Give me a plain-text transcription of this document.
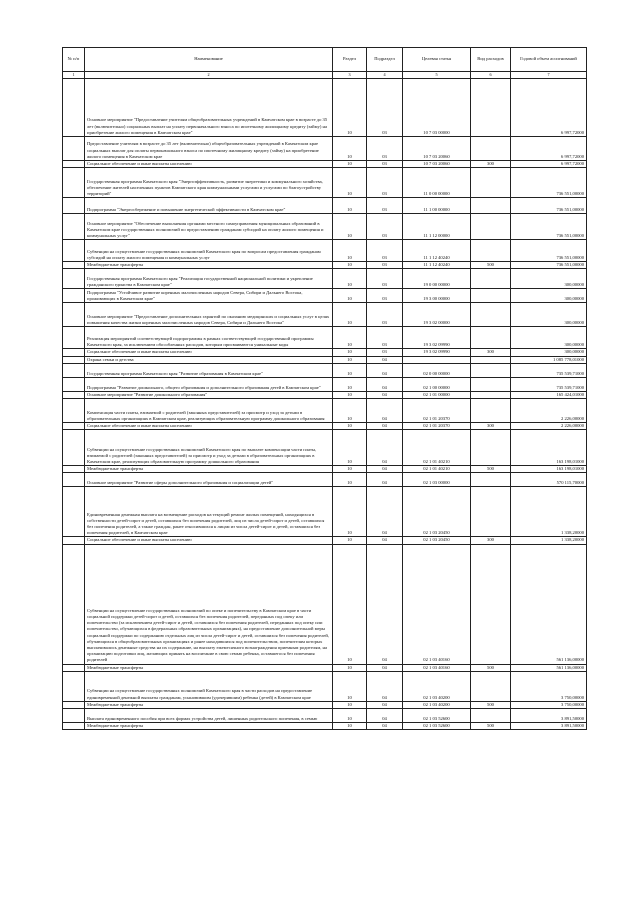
№ п/п	Наименование	Раздел	Подраздел	Целевая статья	Вид расходов	Годовой объем ассигнований
1	2	3	4	5	6	7
	Основное мероприятие "Предоставление учителям общеобразовательных учреждений в Камчатском крае в возрасте до 35 лет (включительно) социальных выплат на уплату первоначального взноса по ипотечному жилищному кредиту (займу) на приобретение жилого помещения в Камчатском крае"	10	03	10 7 03 00000		6 997,72000
	Предоставление учителям в возрасте до 35 лет (включительно) общеобразовательных учреждений в Камчатском крае социальных выплат для оплаты первоначального взноса по ипотечному жилищному кредиту (займу) на приобретение жилого помещения в Камчатском крае	10	03	10 7 03 20060		6 997,72000
	Социальное обеспечение и иные выплаты населению	10	03	10 7 03 20060	300	6 997,72000
	Государственная программа Камчатского края "Энергоэффективность, развитие энергетики и коммунального хозяйства, обеспечение жителей населенных пунктов Камчатского края коммунальными услугами и услугами по благоустройству территорий"	10	03	11 0 00 00000		736 551,00000
	Подпрограмма "Энергосбережение и повышение энергетической эффективности в Камчатском крае"	10	03	11 1 00 00000		736 551,00000
	Основное мероприятие "Обеспечение выполнения органами местного самоуправления муниципальных образований в Камчатском крае государственных полномочий по предоставлению гражданам субсидий на оплату жилого помещения и коммунальных услуг"	10	03	11 1 12 00000		736 551,00000
	Субвенции на осуществление государственных полномочий Камчатского края по вопросам предоставления гражданам субсидий на оплату жилого помещения и коммунальных услуг	10	03	11 1 12 40240		736 551,00000
	Межбюджетные трансферты	10	03	11 1 12 40240	500	736 551,00000
	Государственная программа Камчатского края "Реализация государственной национальной политики и укрепление гражданского единства в Камчатском крае"	10	03	19 0 00 00000		300,00000
	Подпрограмма "Устойчивое развитие коренных малочисленных народов Севера, Сибири и Дальнего Востока, проживающих в Камчатском крае"	10	03	19 3 00 00000		300,00000
	Основное мероприятие "Предоставление дополнительных гарантий по оказанию медицинских и социальных услуг в целях повышения качества жизни коренных малочисленных народов Севера, Сибири и Дальнего Востока"	10	03	19 3 02 00000		300,00000
	Реализация мероприятий соответствующей подпрограммы в рамках соответствующей государственной программы Камчатского края, за исключением обособленных расходов, которым присваиваются уникальные коды	10	03	19 3 02 09990		300,00000
	Социальное обеспечение и иные выплаты населению	10	03	19 3 02 09990	300	300,00000
	Охрана семьи и детства	10	04			1 085 778,01000
	Государственная программа Камчатского края "Развитие образования в Камчатском крае"	10	04	02 0 00 00000		735 539,71000
	Подпрограмма "Развитие дошкольного, общего образования и дополнительного образования детей в Камчатском крае"	10	04	02 1 00 00000		735 539,71000
	Основное мероприятие "Развитие дошкольного образования"	10	04	02 1 01 00000		165 424,01000
	Компенсация части платы, взимаемой с родителей (законных представителей) за присмотр и уход за детьми в образовательных организациях в Камчатском крае, реализующих образовательную программу дошкольного образования	10	04	02 1 01 20370		2 226,00000
	Социальное обеспечение и иные выплаты населению	10	04	02 1 01 20370	300	2 226,00000
	Субвенции на осуществление государственных полномочий Камчатского края по выплате компенсации части платы, взимаемой с родителей (законных представителей) за присмотр и уход за детьми в образовательных организациях в Камчатском крае, реализующих образовательную программу дошкольного образования	10	04	02 1 01 40210		163 198,01000
	Межбюджетные трансферты	10	04	02 1 01 40210	500	163 198,01000
	Основное мероприятие "Развитие сферы дополнительного образования и социализации детей"	10	04	02 1 03 00000		570 115,70000
	Единовременная денежная выплата на возмещение расходов на текущий ремонт жилых помещений, находящихся в собственности детей-сирот и детей, оставшихся без попечения родителей, лиц из числа детей-сирот и детей, оставшихся без попечения родителей, а также граждан, ранее относившихся к лицам из числа детей-сирот и детей, оставшихся без попечения родителей, в Камчатском крае	10	04	02 1 03 20450		1 338,20000
	Социальное обеспечение и иные выплаты населению	10	04	02 1 03 20450	300	1 338,20000
	Субвенции на осуществление государственных полномочий по опеке и попечительству в Камчатском крае в части социальной поддержки детей-сирот и детей, оставшихся без попечения родителей, переданных под опеку или попечительство (за исключением детей-сирот и детей, оставшихся без попечения родителей, переданных под опеку или попечительство, обучающихся в федеральных образовательных организациях), на предоставление дополнительной меры социальной поддержки по содержанию отдельных лиц из числа детей-сирот и детей, оставшихся без попечения родителей, обучающихся в общеобразовательных организациях и ранее находившихся под попечительством, попечителям которых выплачивались денежные средства на их содержание, на выплату ежемесячного вознаграждения приемным родителям, на организацию подготовки лиц, желающих принять на воспитание в свою семью ребенка, оставшегося без попечения родителей	10	04	02 1 03 40160		561 136,00000
	Межбюджетные трансферты	10	04	02 1 03 40160	500	561 136,00000
	Субвенции на осуществление государственных полномочий Камчатского края в части расходов на предоставление единовременной денежной выплаты гражданам, усыновившим (удочерившим) ребенка (детей) в Камчатском крае	10	04	02 1 03 40200		3 750,00000
	Межбюджетные трансферты	10	04	02 1 03 40200	500	3 750,00000
	Выплата единовременного пособия при всех формах устройства детей, лишенных родительского попечения, в семью	10	04	02 1 03 52600		3 891,50000
	Межбюджетные трансферты	10	04	02 1 03 52600	500	3 891,50000
